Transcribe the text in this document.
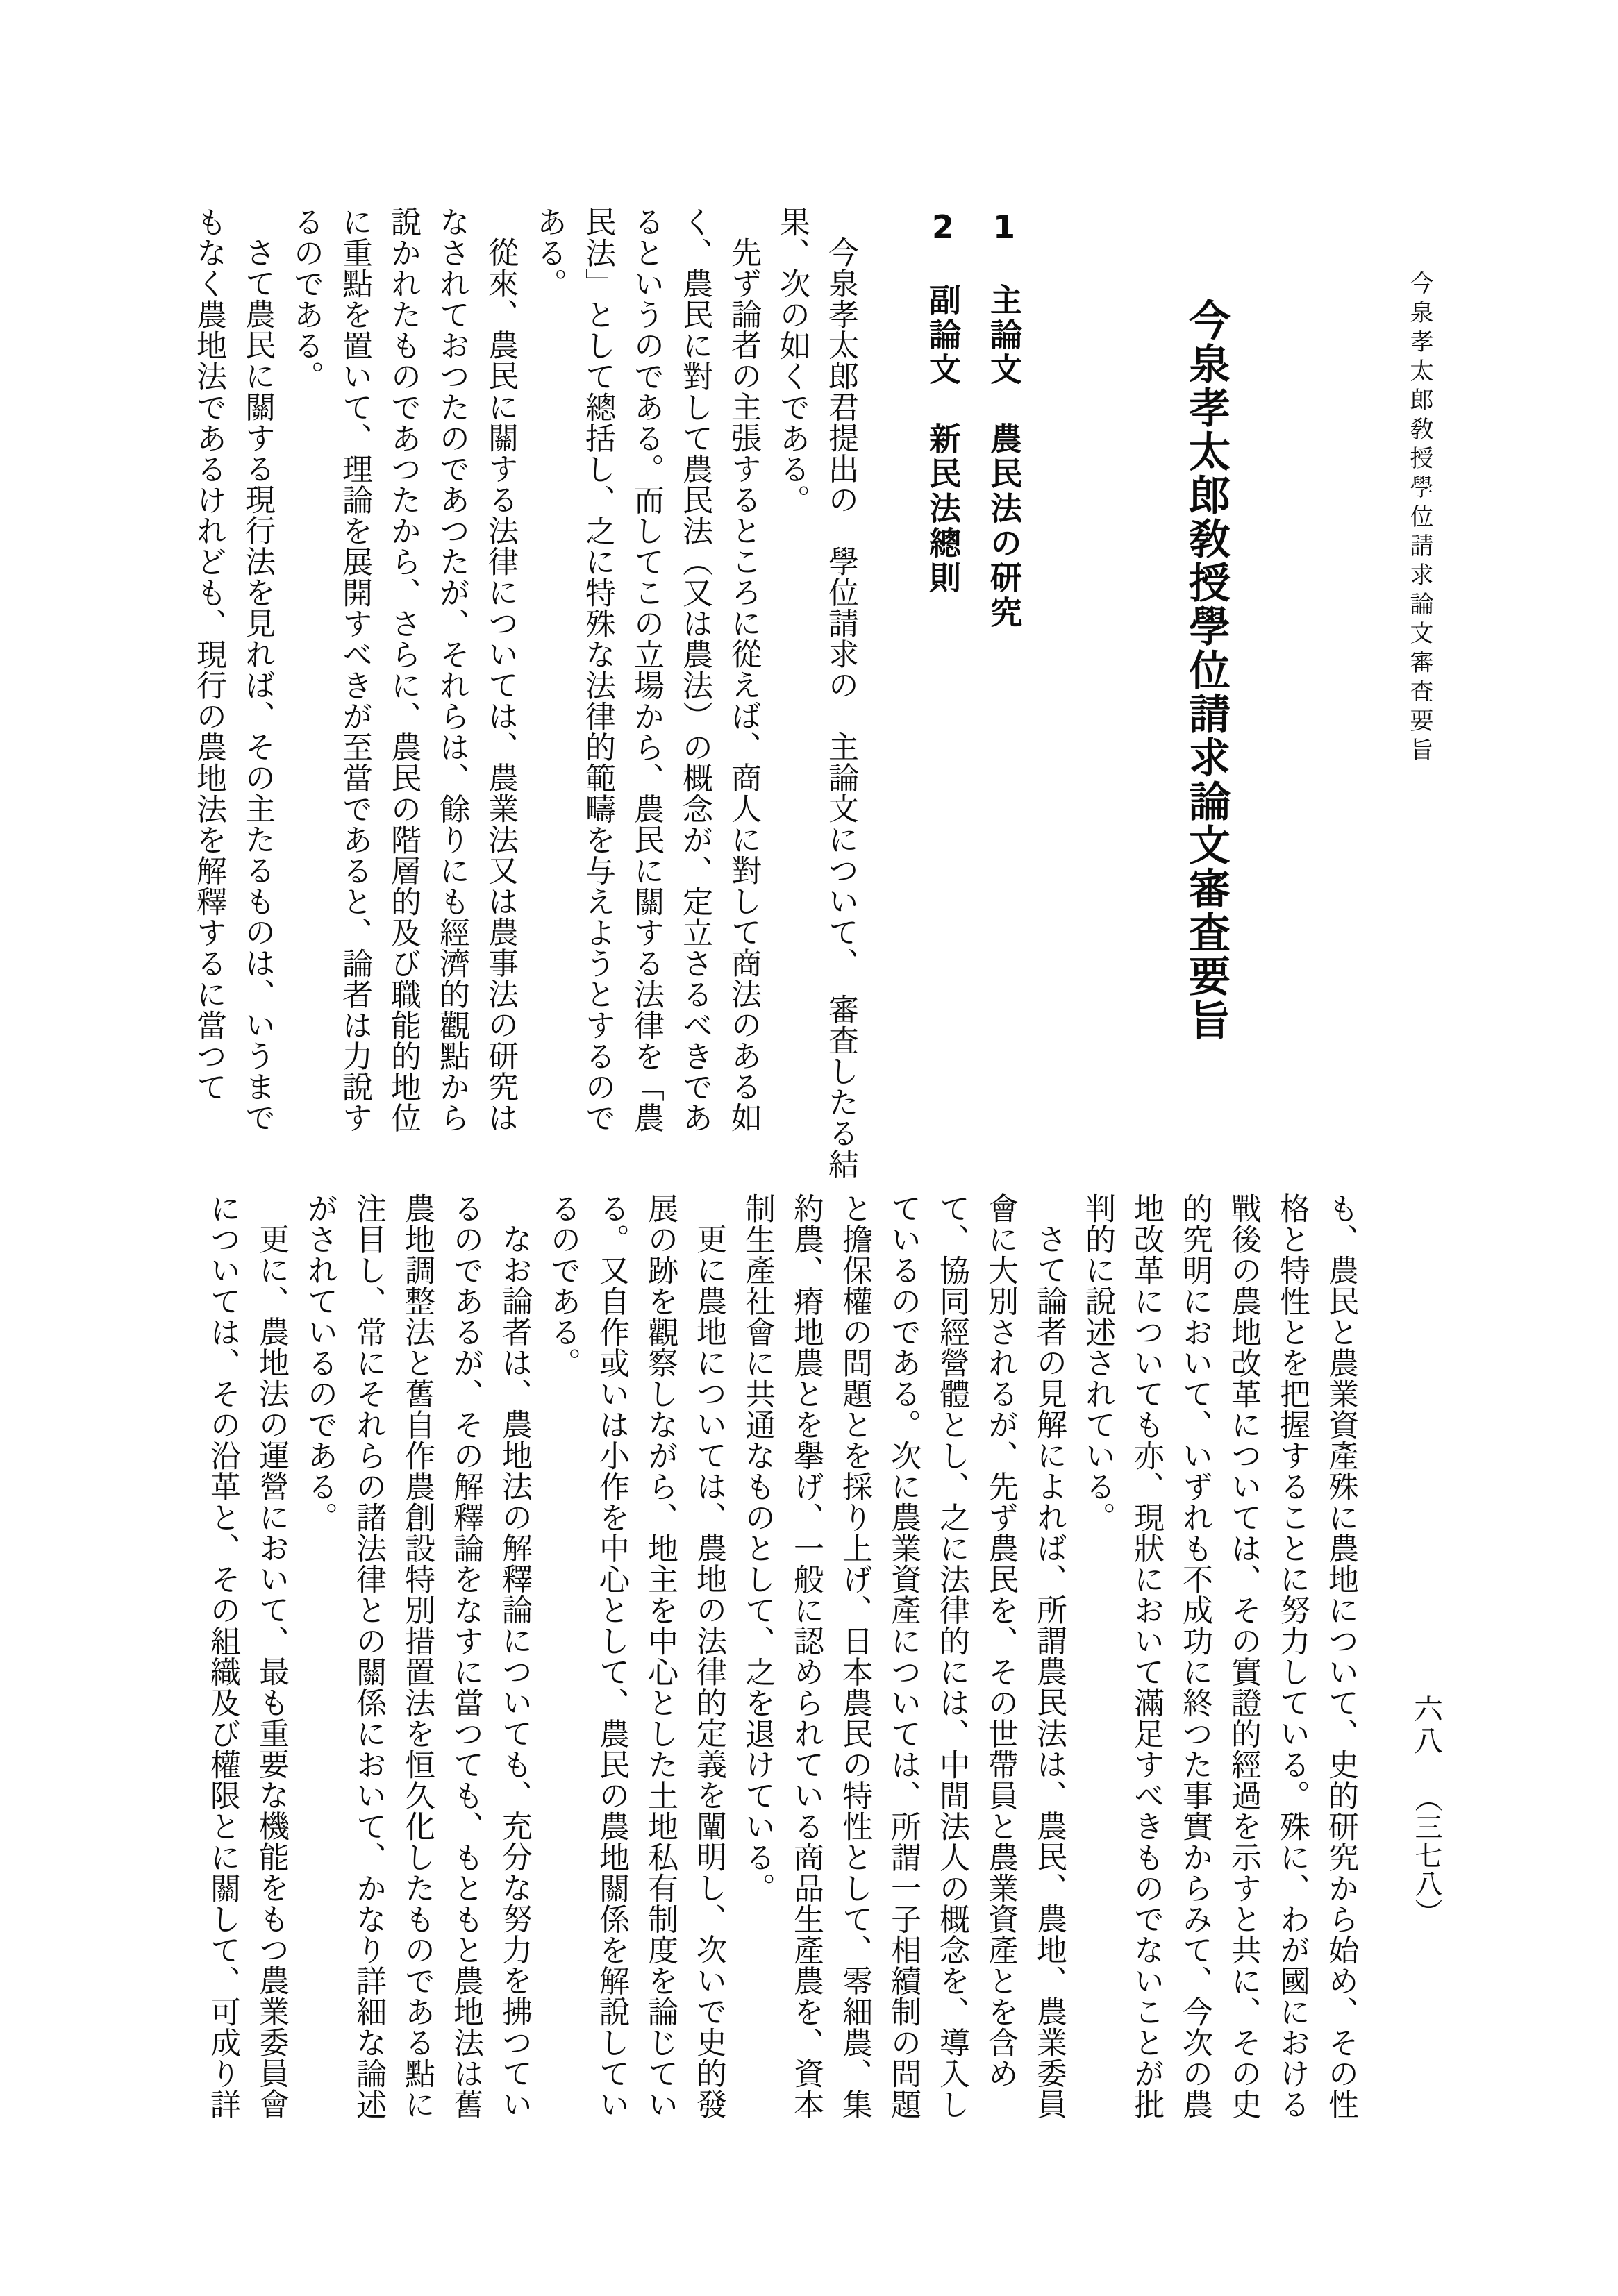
今泉孝太郎敎授學位請求論文審査要旨
今泉孝太郎敎授學位請求論文審査要旨
六八
（三七八）

1　主論文　農民法の研究

2　副論文　新民法總則

今泉孝太郎君提出の　學位請求の　主論文について、　審査したる結

果、次の如くである。

先ず論者の主張するところに從えば、商人に對して商法のある如

く、農民に對して農民法（又は農法）の概念が、定立さるべきであ

るというのである。而してこの立場から、農民に關する法律を「農

民法」として總括し、之に特殊な法律的範疇を与えようとするので

ある。

從來、農民に關する法律については、農業法又は農事法の研究は

なされておつたのであつたが、それらは、餘りにも經濟的觀點から

說かれたものであつたから、さらに、農民の階層的及び職能的地位

に重點を置いて、理論を展開すべきが至當であると、論者は力說す

るのである。

さて農民に關する現行法を見れば、その主たるものは、いうまで

もなく農地法であるけれども、現行の農地法を解釋するに當つて

も、農民と農業資產殊に農地について、史的研究から始め、その性

格と特性とを把握することに努力している。殊に、わが國における

戰後の農地改革については、その實證的經過を示すと共に、その史

的究明において、いずれも不成功に終つた事實からみて、今次の農

地改革についても亦、現狀において滿足すべきものでないことが批

判的に說述されている。

さて論者の見解によれば、所謂農民法は、農民、農地、農業委員

會に大別されるが、先ず農民を、その世帶員と農業資產とを含め

て、協同經營體とし、之に法律的には、中間法人の概念を、導入し

ているのである。次に農業資產については、所謂一子相續制の問題

と擔保權の問題とを採り上げ、日本農民の特性として、零細農、集

約農、瘠地農とを擧げ、一般に認められている商品生產農を、資本

制生產社會に共通なものとして、之を退けている。

更に農地については、農地の法律的定義を闡明し、次いで史的發

展の跡を觀察しながら、地主を中心とした土地私有制度を論じてい

る。又自作或いは小作を中心として、農民の農地關係を解說してい

るのである。

なお論者は、農地法の解釋論についても、充分な努力を拂つてい

るのであるが、その解釋論をなすに當つても、もともと農地法は舊

農地調整法と舊自作農創設特別措置法を恒久化したものである點に

注目し、常にそれらの諸法律との關係において、かなり詳細な論述

がされているのである。

更に、農地法の運營において、最も重要な機能をもつ農業委員會

については、その沿革と、その組織及び權限とに關して、可成り詳
